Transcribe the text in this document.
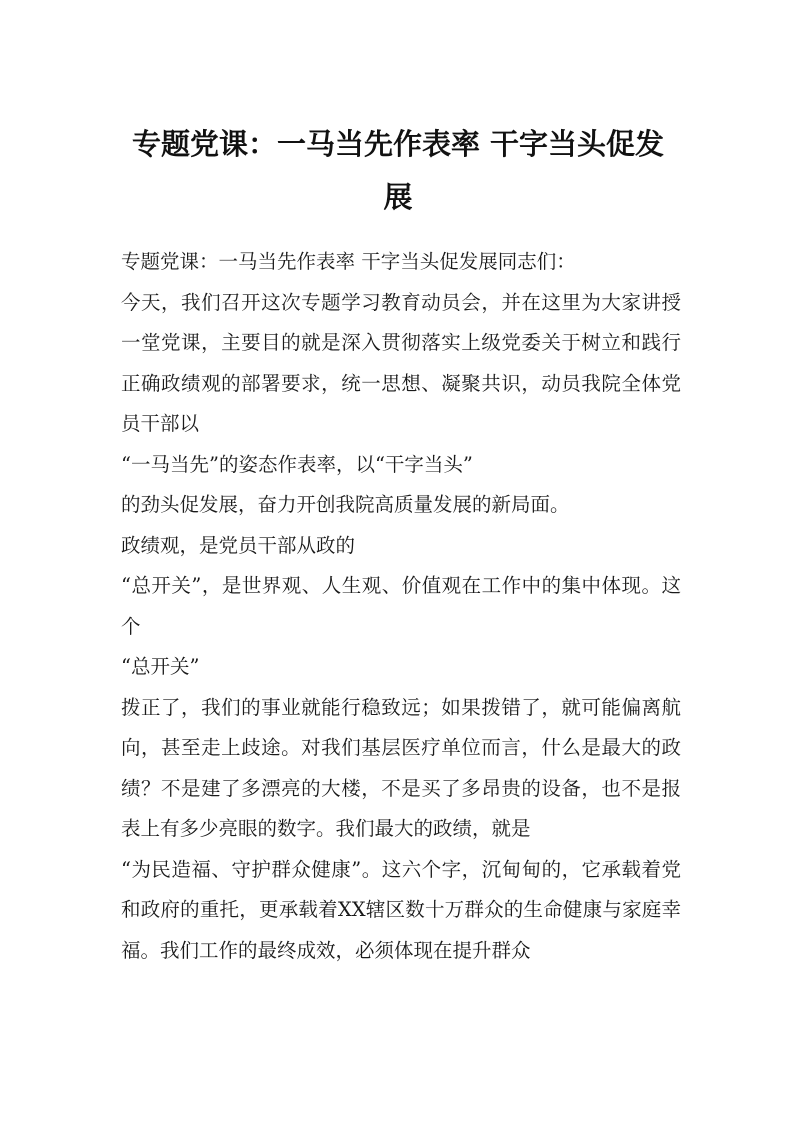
专题党课：一马当先作表率 干字当头促发展

专题党课：一马当先作表率 干字当头促发展同志们：

今天，我们召开这次专题学习教育动员会，并在这里为大家讲授一堂党课，主要目的就是深入贯彻落实上级党委关于树立和践行正确政绩观的部署要求，统一思想、凝聚共识，动员我院全体党员干部以

“一马当先”的姿态作表率，以“干字当头”

的劲头促发展，奋力开创我院高质量发展的新局面。

政绩观，是党员干部从政的

“总开关”，是世界观、人生观、价值观在工作中的集中体现。这个

“总开关”

拨正了，我们的事业就能行稳致远；如果拨错了，就可能偏离航向，甚至走上歧途。对我们基层医疗单位而言，什么是最大的政绩？不是建了多漂亮的大楼，不是买了多昂贵的设备，也不是报表上有多少亮眼的数字。我们最大的政绩，就是

“为民造福、守护群众健康”。这六个字，沉甸甸的，它承载着党和政府的重托，更承载着XX辖区数十万群众的生命健康与家庭幸福。我们工作的最终成效，必须体现在提升群众
